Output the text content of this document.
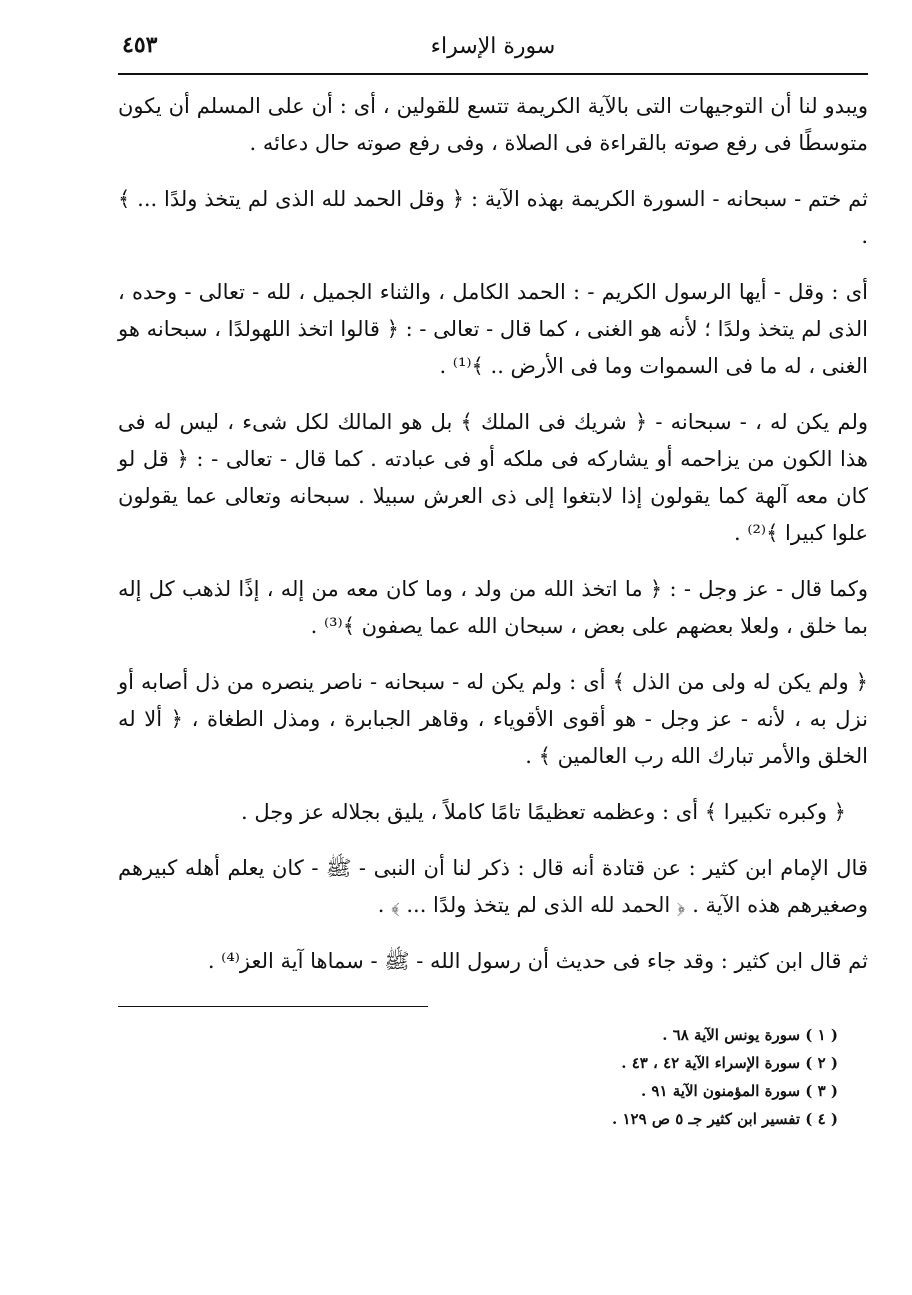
٤٥٣	سورة الإسراء

ويبدو لنا أن التوجيهات التى بالآية الكريمة تتسع للقولين ، أى : أن على المسلم أن يكون متوسطًا فى رفع صوته بالقراءة فى الصلاة ، وفى رفع صوته حال دعائه .

ثم ختم - سبحانه - السورة الكريمة بهذه الآية : ﴿ وقل الحمد لله الذى لم يتخذ ولدًا ... ﴾ .

أى : وقل - أيها الرسول الكريم - : الحمد الكامل ، والثناء الجميل ، لله - تعالى - وحده ، الذى لم يتخذ ولدًا ؛ لأنه هو الغنى ، كما قال - تعالى - : ﴿ قالوا اتخذ اللهولدًا ، سبحانه هو الغنى ، له ما فى السموات وما فى الأرض .. ﴾⁽¹⁾ .

ولم يكن له ، - سبحانه - ﴿ شريك فى الملك ﴾ بل هو المالك لكل شىء ، ليس له فى هذا الكون من يزاحمه أو يشاركه فى ملكه أو فى عبادته . كما قال - تعالى - : ﴿ قل لو كان معه آلهة كما يقولون إذا لابتغوا إلى ذى العرش سبيلا . سبحانه وتعالى عما يقولون علوا كبيرا ﴾⁽²⁾ .

وكما قال - عز وجل - : ﴿ ما اتخذ الله من ولد ، وما كان معه من إله ، إذًا لذهب كل إله بما خلق ، ولعلا بعضهم على بعض ، سبحان الله عما يصفون ﴾⁽³⁾ .

﴿ ولم يكن له ولى من الذل ﴾ أى : ولم يكن له - سبحانه - ناصر ينصره من ذل أصابه أو نزل به ، لأنه - عز وجل - هو أقوى الأقوياء ، وقاهر الجبابرة ، ومذل الطغاة ، ﴿ ألا له الخلق والأمر تبارك الله رب العالمين ﴾ .

﴿ وكبره تكبيرا ﴾ أى : وعظمه تعظيمًا تامًا كاملاً ، يليق بجلاله عز وجل .

قال الإمام ابن كثير : عن قتادة أنه قال : ذكر لنا أن النبى - ﷺ - كان يعلم أهله كبيرهم وصغيرهم هذه الآية . ﴿ الحمد لله الذى لم يتخذ ولدًا ... ﴾ .

ثم قال ابن كثير : وقد جاء فى حديث أن رسول الله - ﷺ - سماها آية العز⁽⁴⁾ .

( ١ ) سورة يونس الآية ٦٨ .
( ٢ ) سورة الإسراء الآية ٤٢ ، ٤٣ .
( ٣ ) سورة المؤمنون الآية ٩١ .
( ٤ ) تفسير ابن كثير جـ ٥ ص ١٢٩ .
